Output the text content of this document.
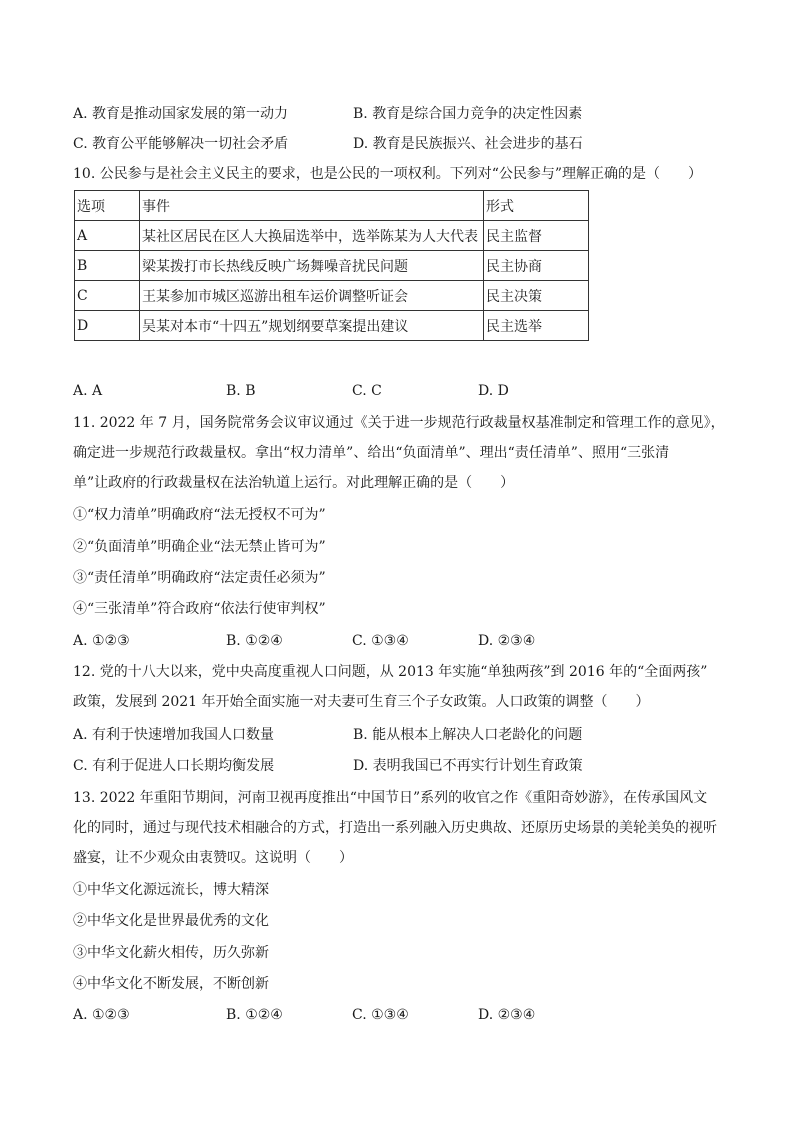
A. 教育是推动国家发展的第一动力	B. 教育是综合国力竞争的决定性因素
C. 教育公平能够解决一切社会矛盾	D. 教育是民族振兴、社会进步的基石
10. 公民参与是社会主义民主的要求，也是公民的一项权利。下列对“公民参与”理解正确的是（　　）
选项	事件	形式
A	某社区居民在区人大换届选举中，选举陈某为人大代表	民主监督
B	梁某拨打市长热线反映广场舞噪音扰民问题	民主协商
C	王某参加市城区巡游出租车运价调整听证会	民主决策
D	吴某对本市“十四五”规划纲要草案提出建议	民主选举
A. A	B. B	C. C	D. D
11. 2022 年 7 月，国务院常务会议审议通过《关于进一步规范行政裁量权基准制定和管理工作的意见》，
确定进一步规范行政裁量权。拿出“权力清单”、给出“负面清单”、理出“责任清单”、照用“三张清
单”让政府的行政裁量权在法治轨道上运行。对此理解正确的是（　　）
①“权力清单”明确政府“法无授权不可为”
②“负面清单”明确企业“法无禁止皆可为”
③“责任清单”明确政府“法定责任必须为”
④“三张清单”符合政府“依法行使审判权”
A. ①②③	B. ①②④	C. ①③④	D. ②③④
12. 党的十八大以来，党中央高度重视人口问题，从 2013 年实施“单独两孩”到 2016 年的“全面两孩”
政策，发展到 2021 年开始全面实施一对夫妻可生育三个子女政策。人口政策的调整（　　）
A. 有利于快速增加我国人口数量	B. 能从根本上解决人口老龄化的问题
C. 有利于促进人口长期均衡发展	D. 表明我国已不再实行计划生育政策
13. 2022 年重阳节期间，河南卫视再度推出“中国节日”系列的收官之作《重阳奇妙游》，在传承国风文
化的同时，通过与现代技术相融合的方式，打造出一系列融入历史典故、还原历史场景的美轮美奂的视听
盛宴，让不少观众由衷赞叹。这说明（　　）
①中华文化源远流长，博大精深
②中华文化是世界最优秀的文化
③中华文化薪火相传，历久弥新
④中华文化不断发展，不断创新
A. ①②③	B. ①②④	C. ①③④	D. ②③④
